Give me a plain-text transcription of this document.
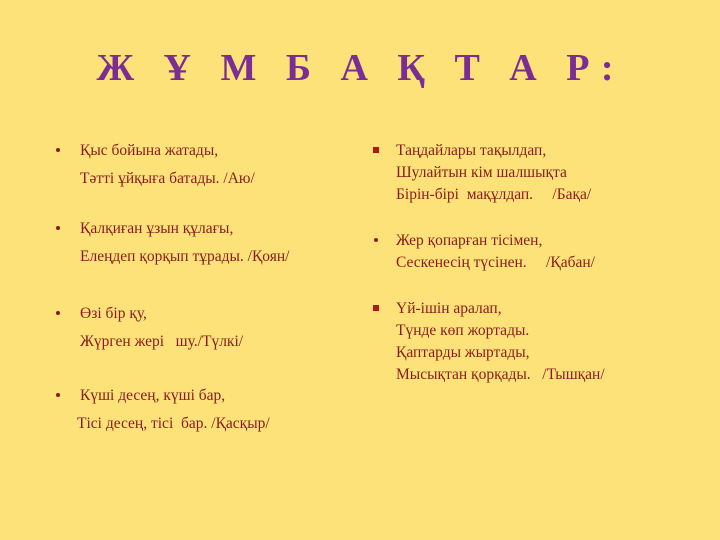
Ж Ұ М Б А Қ Т А Р:
Қыс бойына жатады,
Тәтті ұйқыға батады. /Аю/
Қалқиған ұзын құлағы,
Елеңдеп қорқып тұрады. /Қоян/
Өзі бір қу,
Жүрген жері   шу./Түлкі/
Күші десең, күші бар,
Тісі десең, тісі  бар. /Қасқыр/
Таңдайлары тақылдап,
Шулайтын кім шалшықта
Бірін-бірі  мақұлдап.     /Бақа/
Жер қопарған тісімен,
Сескенесің түсінен.     /Қабан/
Үй-ішін аралап,
Түнде көп жортады.
Қаптарды жыртады,
Мысықтан қорқады.   /Тышқан/
